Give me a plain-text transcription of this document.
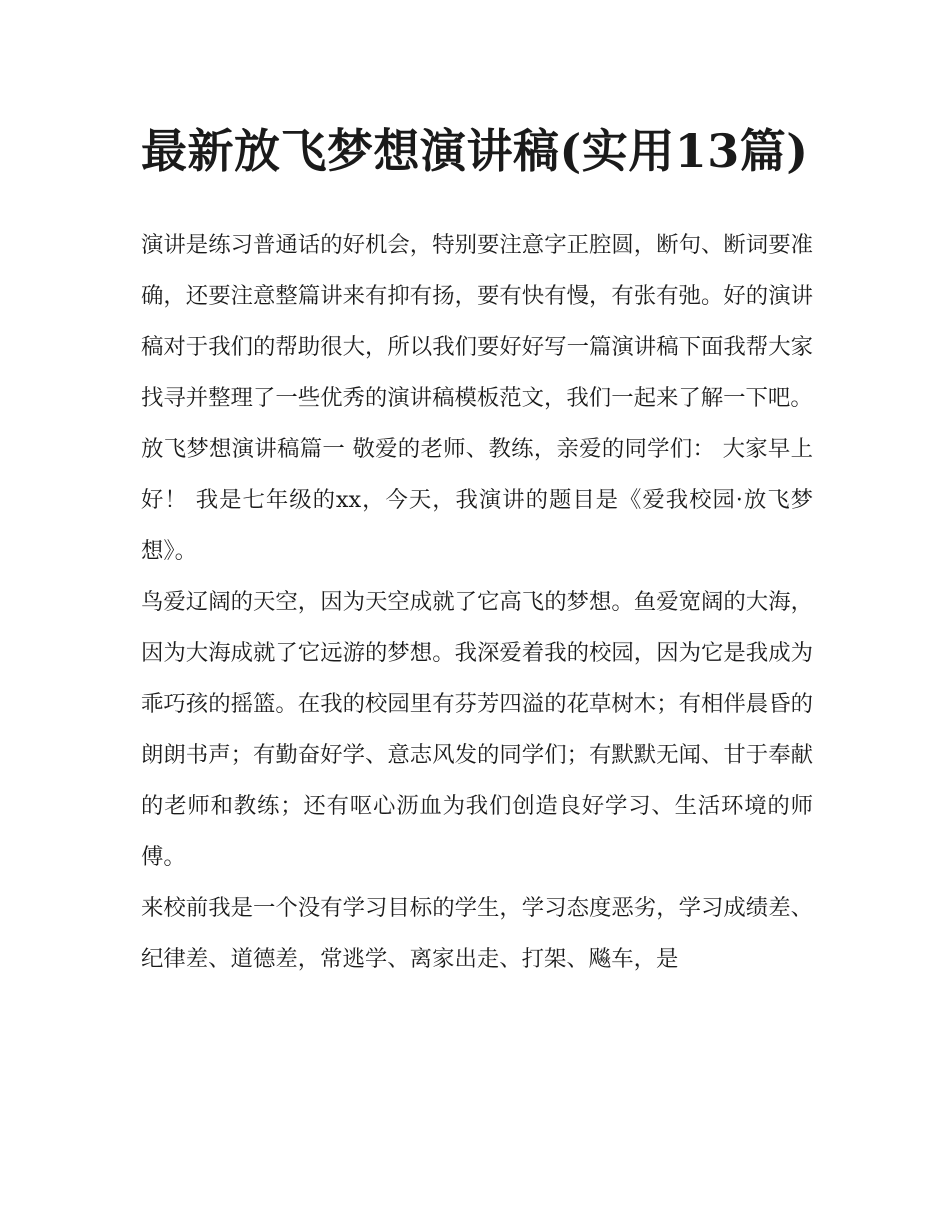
最新放飞梦想演讲稿(实用13篇)

演讲是练习普通话的好机会，特别要注意字正腔圆，断句、断词要准确，还要注意整篇讲来有抑有扬，要有快有慢，有张有弛。好的演讲稿对于我们的帮助很大，所以我们要好好写一篇演讲稿下面我帮大家找寻并整理了一些优秀的演讲稿模板范文，我们一起来了解一下吧。

放飞梦想演讲稿篇一 敬爱的老师、教练，亲爱的同学们： 大家早上好！ 我是七年级的xx，今天，我演讲的题目是《爱我校园·放飞梦想》。

鸟爱辽阔的天空，因为天空成就了它高飞的梦想。鱼爱宽阔的大海，因为大海成就了它远游的梦想。我深爱着我的校园，因为它是我成为乖巧孩的摇篮。在我的校园里有芬芳四溢的花草树木；有相伴晨昏的朗朗书声；有勤奋好学、意志风发的同学们；有默默无闻、甘于奉献的老师和教练；还有呕心沥血为我们创造良好学习、生活环境的师傅。

来校前我是一个没有学习目标的学生，学习态度恶劣，学习成绩差、纪律差、道德差，常逃学、离家出走、打架、飚车，是
